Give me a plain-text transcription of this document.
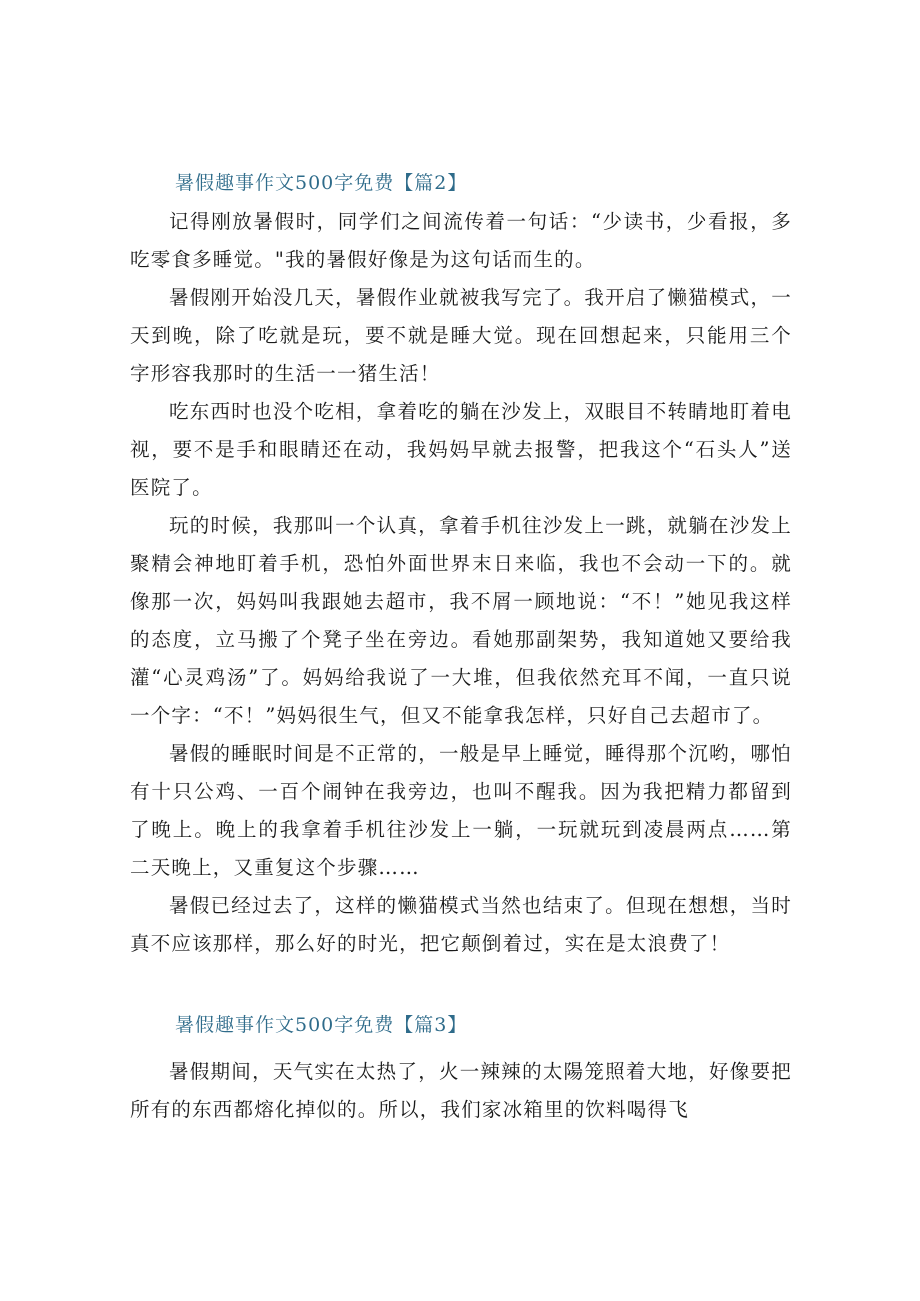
暑假趣事作文500字免费【篇2】

记得刚放暑假时，同学们之间流传着一句话：“少读书，少看报，多吃零食多睡觉。"我的暑假好像是为这句话而生的。

暑假刚开始没几天，暑假作业就被我写完了。我开启了懒猫模式，一天到晚，除了吃就是玩，要不就是睡大觉。现在回想起来，只能用三个字形容我那时的生活一一猪生活！

吃东西时也没个吃相，拿着吃的躺在沙发上，双眼目不转睛地盯着电视，要不是手和眼睛还在动，我妈妈早就去报警，把我这个“石头人”送医院了。

玩的时候，我那叫一个认真，拿着手机往沙发上一跳，就躺在沙发上聚精会神地盯着手机，恐怕外面世界末日来临，我也不会动一下的。就像那一次，妈妈叫我跟她去超市，我不屑一顾地说：“不！”她见我这样的态度，立马搬了个凳子坐在旁边。看她那副架势，我知道她又要给我灌“心灵鸡汤”了。妈妈给我说了一大堆，但我依然充耳不闻，一直只说一个字：“不！”妈妈很生气，但又不能拿我怎样，只好自己去超市了。

暑假的睡眠时间是不正常的，一般是早上睡觉，睡得那个沉哟，哪怕有十只公鸡、一百个闹钟在我旁边，也叫不醒我。因为我把精力都留到了晚上。晚上的我拿着手机往沙发上一躺，一玩就玩到凌晨两点……第二天晚上，又重复这个步骤……

暑假已经过去了，这样的懒猫模式当然也结束了。但现在想想，当时真不应该那样，那么好的时光，把它颠倒着过，实在是太浪费了！

暑假趣事作文500字免费【篇3】

暑假期间，天气实在太热了，火一辣辣的太陽笼照着大地，好像要把所有的东西都熔化掉似的。所以，我们家冰箱里的饮料喝得飞
